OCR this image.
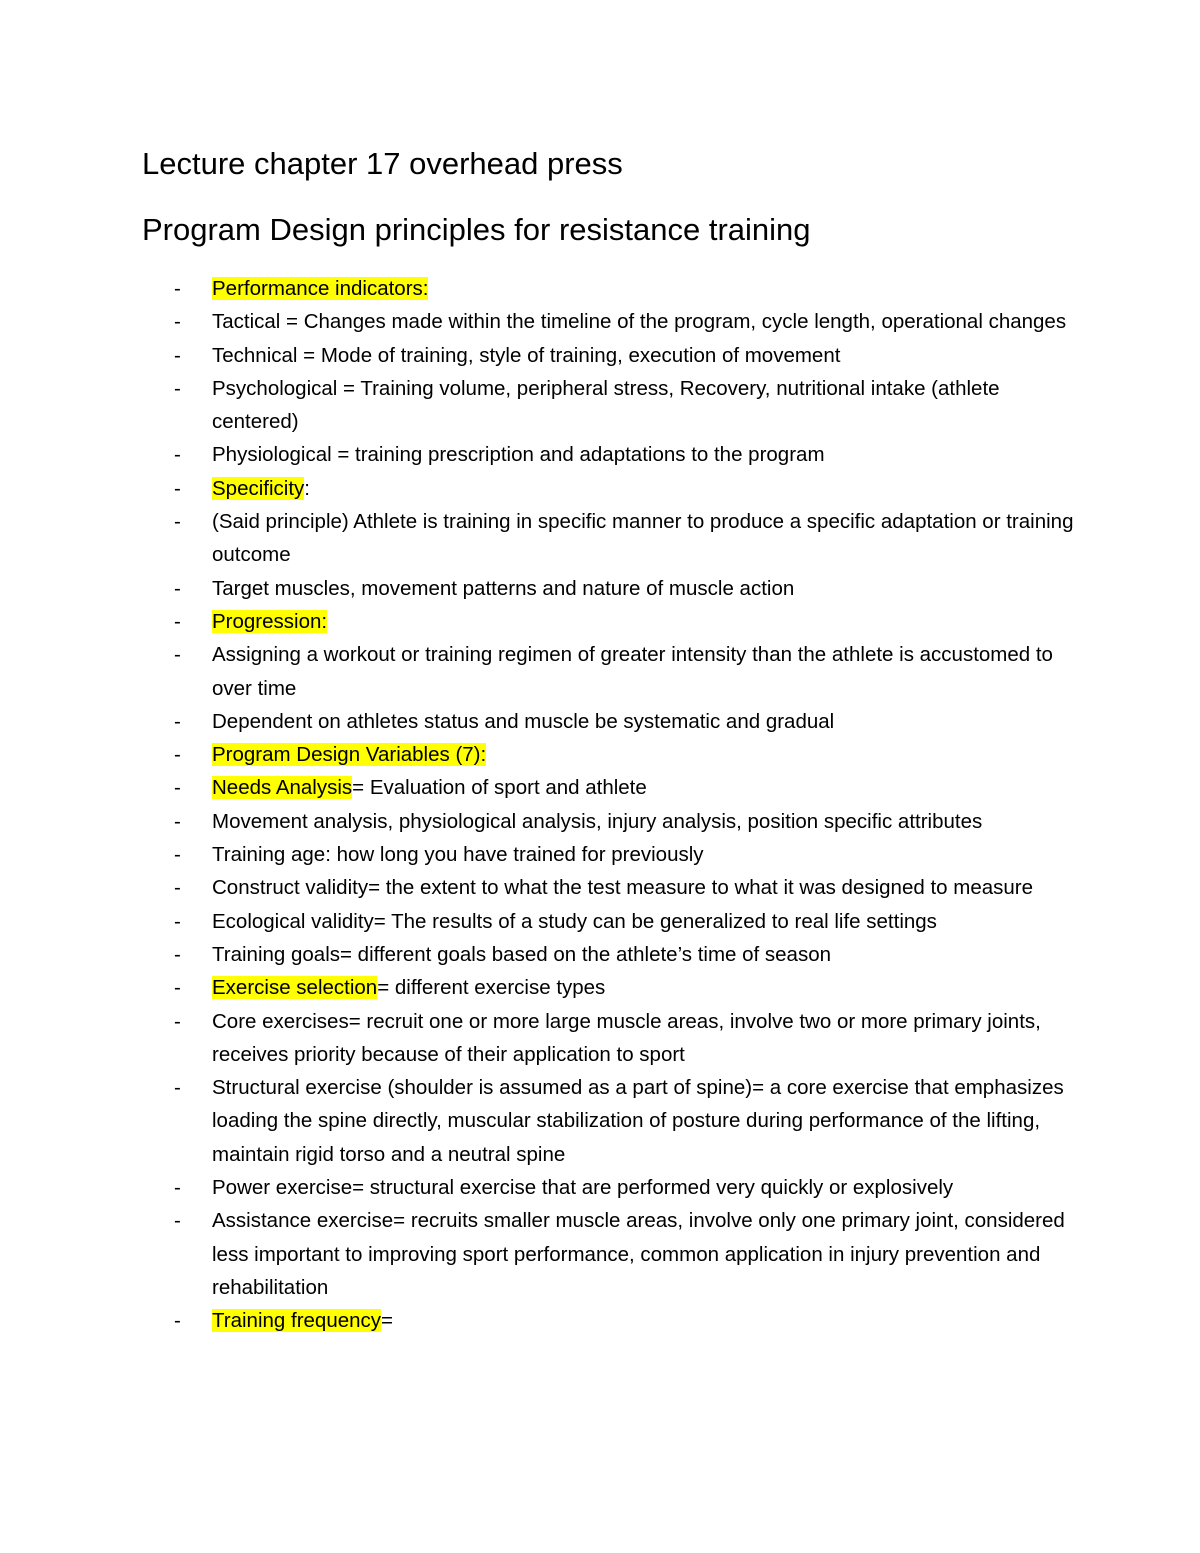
Lecture chapter 17 overhead press
Program Design principles for resistance training
- Performance indicators:
- Tactical = Changes made within the timeline of the program, cycle length, operational changes
- Technical = Mode of training, style of training, execution of movement
- Psychological = Training volume, peripheral stress, Recovery, nutritional intake (athlete centered)
- Physiological = training prescription and adaptations to the program
- Specificity:
- (Said principle) Athlete is training in specific manner to produce a specific adaptation or training outcome
- Target muscles, movement patterns and nature of muscle action
- Progression:
- Assigning a workout or training regimen of greater intensity than the athlete is accustomed to over time
- Dependent on athletes status and muscle be systematic and gradual
- Program Design Variables (7):
- Needs Analysis= Evaluation of sport and athlete
- Movement analysis, physiological analysis, injury analysis, position specific attributes
- Training age: how long you have trained for previously
- Construct validity= the extent to what the test measure to what it was designed to measure
- Ecological validity= The results of a study can be generalized to real life settings
- Training goals= different goals based on the athlete’s time of season
- Exercise selection= different exercise types
- Core exercises= recruit one or more large muscle areas, involve two or more primary joints, receives priority because of their application to sport
- Structural exercise (shoulder is assumed as a part of spine)= a core exercise that emphasizes loading the spine directly, muscular stabilization of posture during performance of the lifting, maintain rigid torso and a neutral spine
- Power exercise= structural exercise that are performed very quickly or explosively
- Assistance exercise= recruits smaller muscle areas, involve only one primary joint, considered less important to improving sport performance, common application in injury prevention and rehabilitation
- Training frequency=
